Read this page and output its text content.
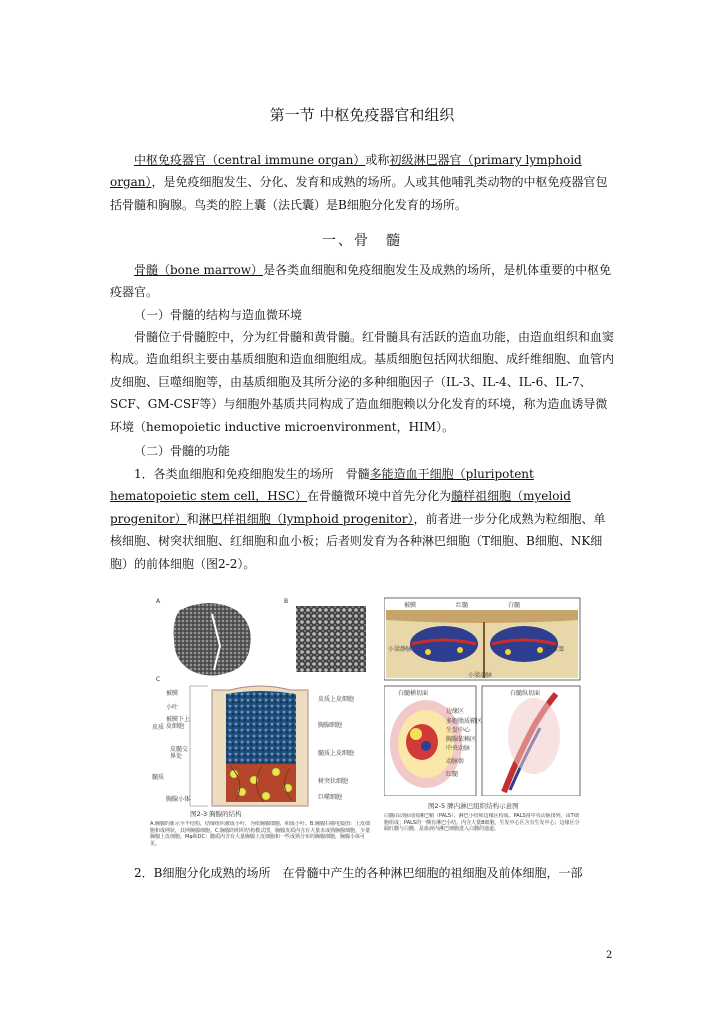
第一节 中枢免疫器官和组织
中枢免疫器官（central immune organ）或称初级淋巴器官（primary lymphoid organ），是免疫细胞发生、分化、发育和成熟的场所。人或其他哺乳类动物的中枢免疫器官包括骨髓和胸腺。鸟类的腔上囊（法氏囊）是B细胞分化发育的场所。
一、骨　髓
骨髓（bone marrow）是各类血细胞和免疫细胞发生及成熟的场所，是机体重要的中枢免疫器官。
（一）骨髓的结构与造血微环境
骨髓位于骨髓腔中，分为红骨髓和黄骨髓。红骨髓具有活跃的造血功能，由造血组织和血窦构成。造血组织主要由基质细胞和造血细胞组成。基质细胞包括网状细胞、成纤维细胞、血管内皮细胞、巨噬细胞等，由基质细胞及其所分泌的多种细胞因子（IL-3、IL-4、IL-6、IL-7、SCF、GM-CSF等）与细胞外基质共同构成了造血细胞赖以分化发育的环境，称为造血诱导微环境（hemopoietic inductive microenvironment，HIM）。
（二）骨髓的功能
1．各类血细胞和免疫细胞发生的场所　骨髓多能造血干细胞（pluripotent hematopoietic stem cell，HSC）在骨髓微环境中首先分化为髓样祖细胞（myeloid progenitor）和淋巴样祖细胞（lymphoid progenitor），前者进一步分化成熟为粒细胞、单核细胞、树突状细胞、红细胞和血小板；后者则发育为各种淋巴细胞（T细胞、B细胞、NK细胞）的前体细胞（图2-2）。
A	B
C
被膜
小叶
皮质
被膜下上皮细胞
皮髓交界处
髓质
胸腺小体
皮质上皮细胞
胸腺细胞
髓质上皮细胞
树突状细胞
巨噬细胞
图2-3 胸腺的结构
A.胸腺的新示全不结构，结缔组织被成小叶，为依胸腺细胞，积成小叶。B.胸腺扫描电镜图：上皮细胞和成网状，其网胸腺细胞。C.胸腺的组织结构模式图，胸腺皮质内含有大量未成熟胸腺细胞，少量胸腺上皮细胞，Mφ和DC；髓质内含有大量胸腺上皮细胞和一些成熟分布的胸腺细胞，胸腺小体可见。
被膜	红髓	白髓
小梁静脉	脾索窦
小梁动脉
白髓横切面	白髓纵切面
边缘区
多胞脂质鞘区
生发中心
胸腺依赖区
中央动脉
动脉套
红髓
图2-5 脾内淋巴组织结构示意图
白髓由动脉周围淋巴鞘（PALS）、淋巴小结和边缘区构成。PALS围中央动脉排列，由T细胞组成；PALS的一侧有淋巴小结，内含大量B细胞，生发中心区含有生发中心；边缘区分隔红髓与白髓，是血液内淋巴细胞进入白髓的通道。
2．B细胞分化成熟的场所　在骨髓中产生的各种淋巴细胞的祖细胞及前体细胞，一部
2
